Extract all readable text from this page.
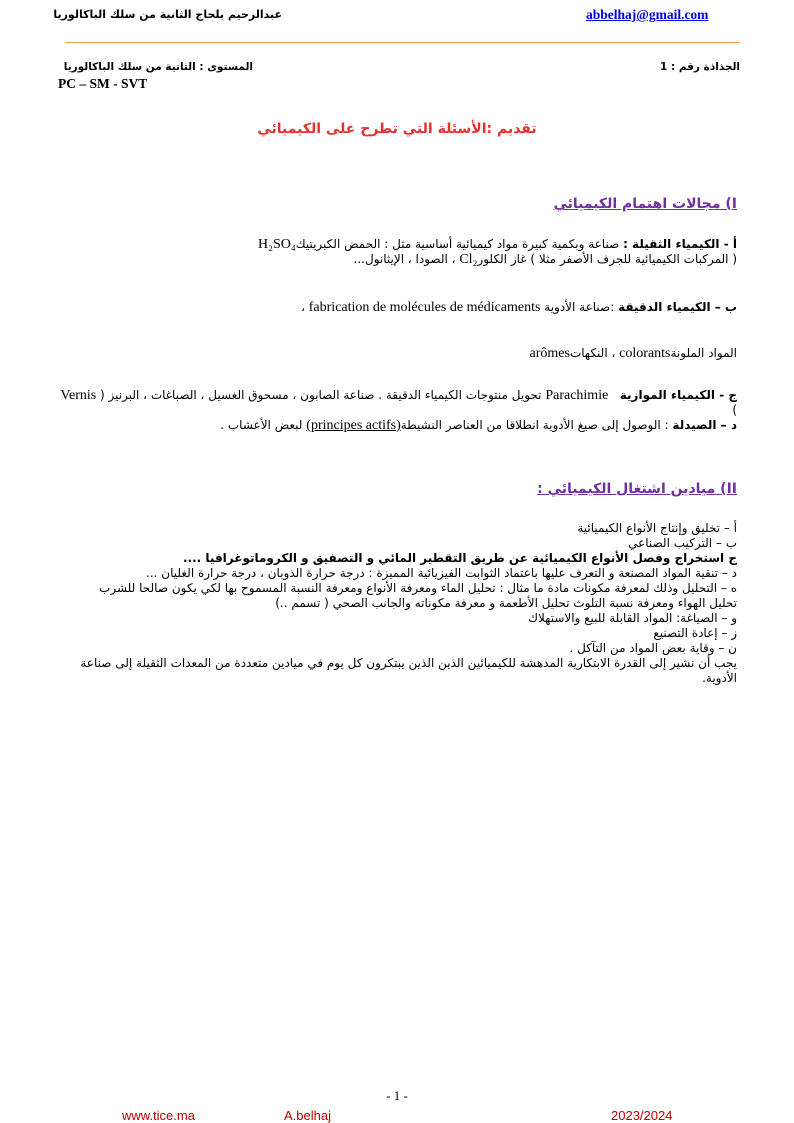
عبدالرحيم بلحاج الثانية من سلك الباكالوريا	abbelhaj@gmail.com
المستوى : الثانية من سلك الباكالوريا	الجذاذة رقم : 1
PC – SM - SVT
تقديم :الأسئلة التي تطرح على الكيميائي
I) مجالات اهتمام الكيميائي
أ - الكيمياء الثقيلة : صناعة وبكمية كبيرة مواد كيميائية أساسية مثل : الحمض الكبريتيكH₂SO₄
( المركبات الكيميائية للجرف الأصفر مثلا ) غاز الكلورCl₂ ، الصودا ، الإيثانول...
ب – الكيمياء الدقيقة :صناعة الأدوية fabrication de molécules de médicaments ،
المواد الملونةcolorants ، النكهاتarômes
ج - الكيمياء الموازية   Parachimie تحويل منتوجات الكيمياء الدقيقة . صناعة الصابون ، مسحوق الغسيل ، الصباغات ، البرنيز ( Vernis )
د – الصيدلة : الوصول إلى صيغ الأدوية انطلاقا من العناصر النشيطة(principes actifs) لبعض الأعشاب .
II) ميادين اشتغال الكيميائي :
أ – تخليق وإنتاج الأنواع الكيميائية
ب – التركيب الصناعي
ج استخراج وفصل الأنواع الكيميائية عن طريق التقطير المائي و التصفيق و الكروماتوغرافيا ....
د – تنقية المواد المصنعة و التعرف عليها باعتماد الثوابت الفيزيائية المميزة : درجة حرارة الذوبان ، درجة حرارة الغليان ...
ه – التحليل وذلك لمعرفة مكونات مادة ما مثال : تحليل الماء ومعرفة الأنواع ومعرفة النسبة المسموح بها لكي يكون صالحا للشرب
تحليل الهواء ومعرفة نسبة التلوث تحليل الأطعمة و معرفة مكوناته والجانب الصحي ( تسمم ..)
و – الصياغة: المواد القابلة للبيع والاستهلاك
ز – إعادة التصنيع
ن – وقاية بعض المواد من التآكل .
يجب أن نشير إلى القدرة الابتكارية المدهشة للكيميائين الذين الذين يبتكرون كل يوم في ميادين متعددة من المعدات الثقيلة إلى صناعة الأدوية.
- 1 -
www.tice.ma	A.belhaj	2023/2024
